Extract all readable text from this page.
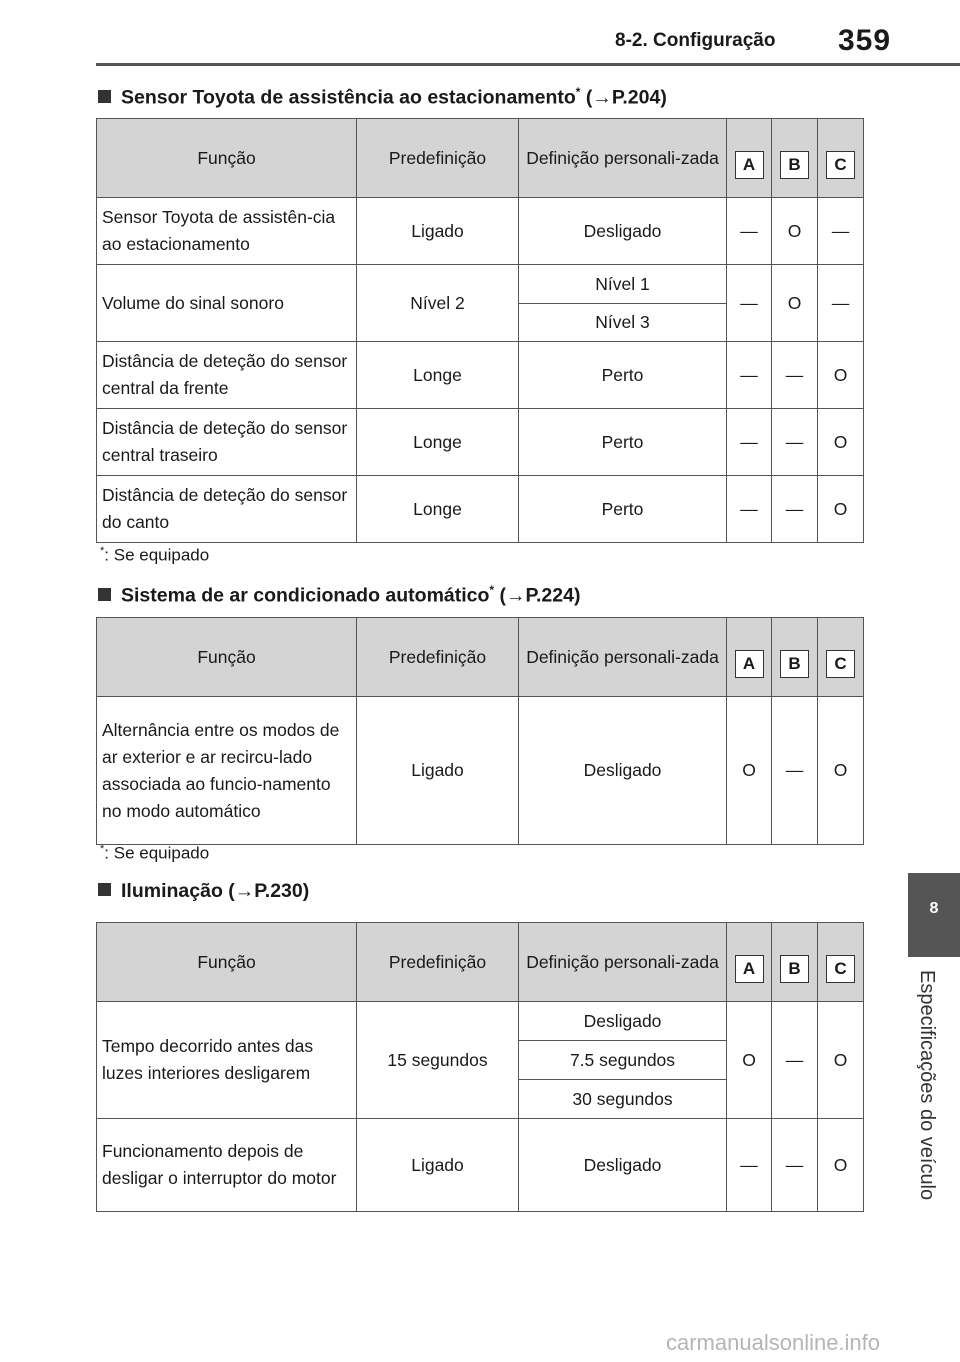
8-2. Configuração 359
8
Especificações do veículo
Sensor Toyota de assistência ao estacionamento* (→P.204)
Função	Predefinição	Definição personali-zada	A	B	C
Sensor Toyota de assistên-cia ao estacionamento	Ligado	Desligado	—	O	—
Volume do sinal sonoro	Nível 2	Nível 1	—	O	—
		Nível 3			
Distância de deteção do sensor central da frente	Longe	Perto	—	—	O
Distância de deteção do sensor central traseiro	Longe	Perto	—	—	O
Distância de deteção do sensor do canto	Longe	Perto	—	—	O
*: Se equipado
Sistema de ar condicionado automático* (→P.224)
Função	Predefinição	Definição personali-zada	A	B	C
Alternância entre os modos de ar exterior e ar recircu-lado associada ao funcio-namento no modo automático	Ligado	Desligado	O	—	O
*: Se equipado
Iluminação (→P.230)
Função	Predefinição	Definição personali-zada	A	B	C
Tempo decorrido antes das luzes interiores desligarem	15 segundos	Desligado	O	—	O
		7.5 segundos			
		30 segundos			
Funcionamento depois de desligar o interruptor do motor	Ligado	Desligado	—	—	O
carmanualsonline.info
